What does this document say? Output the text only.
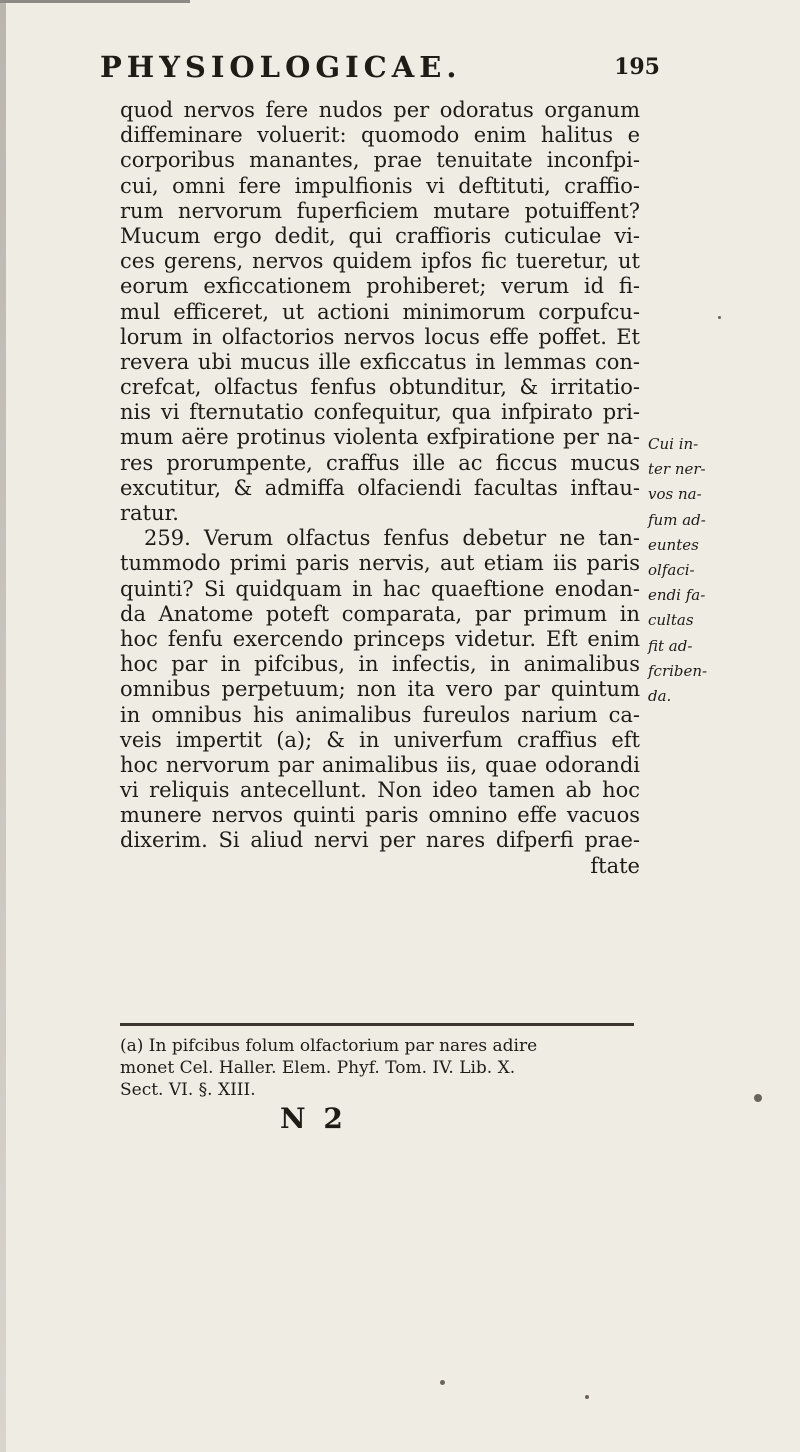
PHYSIOLOGICAE.	195
quod nervos fere nudos per odoratus organum
diffeminare voluerit: quomodo enim halitus e
corporibus manantes, prae tenuitate inconfpi-
cui, omni fere impulfionis vi deftituti, craffio-
rum nervorum fuperficiem mutare potuiffent?
Mucum ergo dedit, qui craffioris cuticulae vi-
ces gerens, nervos quidem ipfos fic tueretur, ut
eorum exficcationem prohiberet; verum id fi-
mul efficeret, ut actioni minimorum corpufcu-
lorum in olfactorios nervos locus effe poffet. Et
revera ubi mucus ille exficcatus in lemmas con-
crefcat, olfactus fenfus obtunditur, & irritatio-
nis vi fternutatio confequitur, qua infpirato pri-
mum aëre protinus violenta exfpiratione per na-
res prorumpente, craffus ille ac ficcus mucus
excutitur, & admiffa olfaciendi facultas inftau-
ratur.
259. Verum olfactus fenfus debetur ne tan-
tummodo primi paris nervis, aut etiam iis paris
quinti? Si quidquam in hac quaeftione enodan-
da Anatome poteft comparata, par primum in
hoc fenfu exercendo princeps videtur. Eft enim
hoc par in pifcibus, in infectis, in animalibus
omnibus perpetuum; non ita vero par quintum
in omnibus his animalibus fureulos narium ca-
veis impertit (a); & in univerfum craffius eft
hoc nervorum par animalibus iis, quae odorandi
vi reliquis antecellunt. Non ideo tamen ab hoc
munere nervos quinti paris omnino effe vacuos
dixerim. Si aliud nervi per nares difperfi prae-
ftate
Cui in-
ter ner-
vos na-
fum ad-
euntes
olfaci-
endi fa-
cultas
fit ad-
fcriben-
da.
(a) In pifcibus folum olfactorium par nares adire
monet Cel. Haller. Elem. Phyf. Tom. IV. Lib. X.
Sect. VI. §. XIII.
N 2
